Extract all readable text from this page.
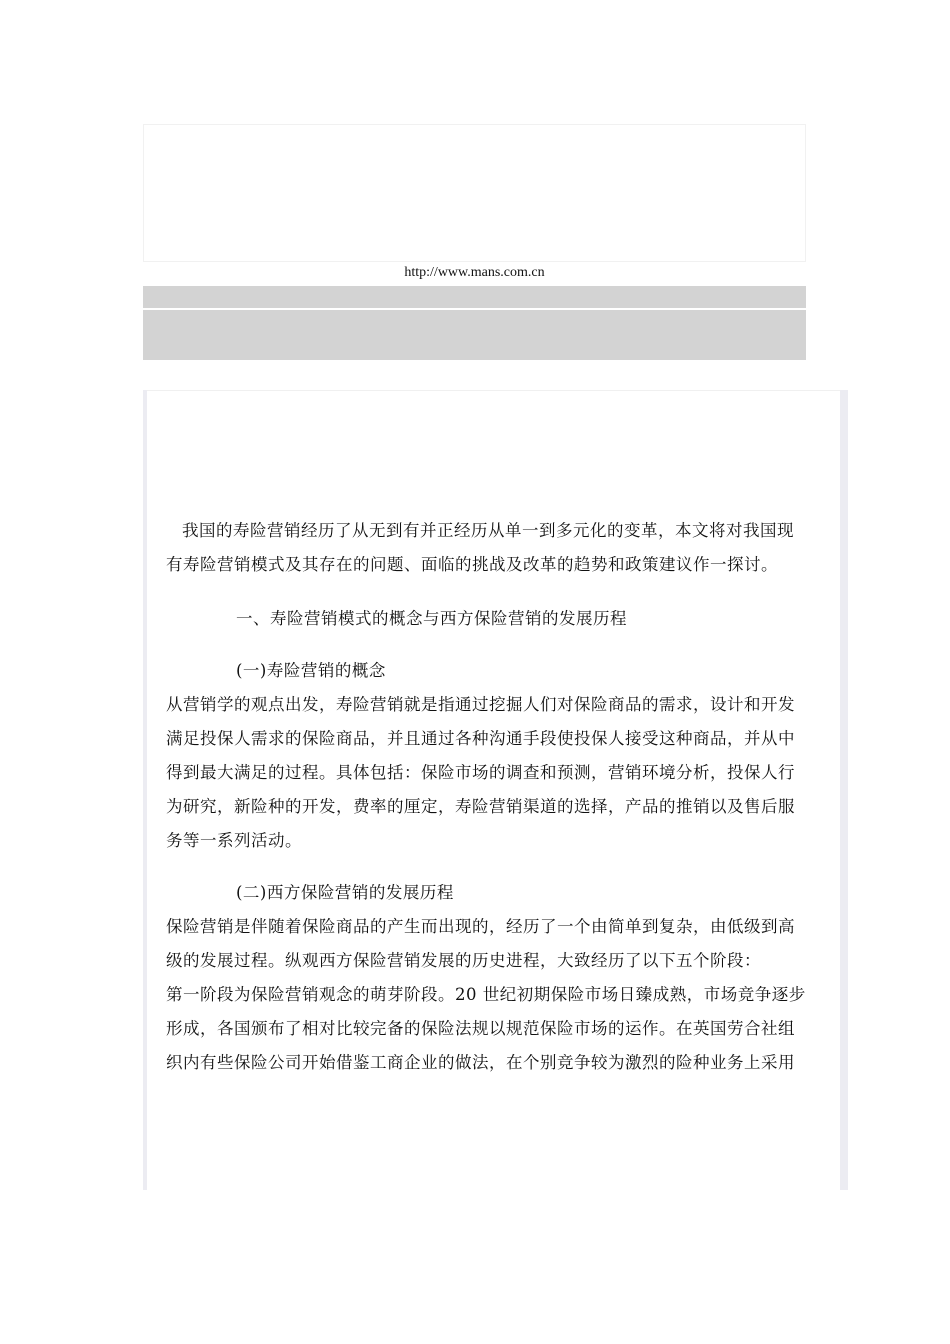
http://www.mans.com.cn
我国的寿险营销经历了从无到有并正经历从单一到多元化的变革，本文将对我国现
有寿险营销模式及其存在的问题、面临的挑战及改革的趋势和政策建议作一探讨。
一、寿险营销模式的概念与西方保险营销的发展历程
(一)寿险营销的概念
从营销学的观点出发，寿险营销就是指通过挖掘人们对保险商品的需求，设计和开发
满足投保人需求的保险商品，并且通过各种沟通手段使投保人接受这种商品，并从中
得到最大满足的过程。具体包括：保险市场的调查和预测，营销环境分析，投保人行
为研究，新险种的开发，费率的厘定，寿险营销渠道的选择，产品的推销以及售后服
务等一系列活动。
(二)西方保险营销的发展历程
保险营销是伴随着保险商品的产生而出现的，经历了一个由简单到复杂，由低级到高
级的发展过程。纵观西方保险营销发展的历史进程，大致经历了以下五个阶段：
第一阶段为保险营销观念的萌芽阶段。20 世纪初期保险市场日臻成熟，市场竞争逐步
形成，各国颁布了相对比较完备的保险法规以规范保险市场的运作。在英国劳合社组
织内有些保险公司开始借鉴工商企业的做法，在个别竞争较为激烈的险种业务上采用
